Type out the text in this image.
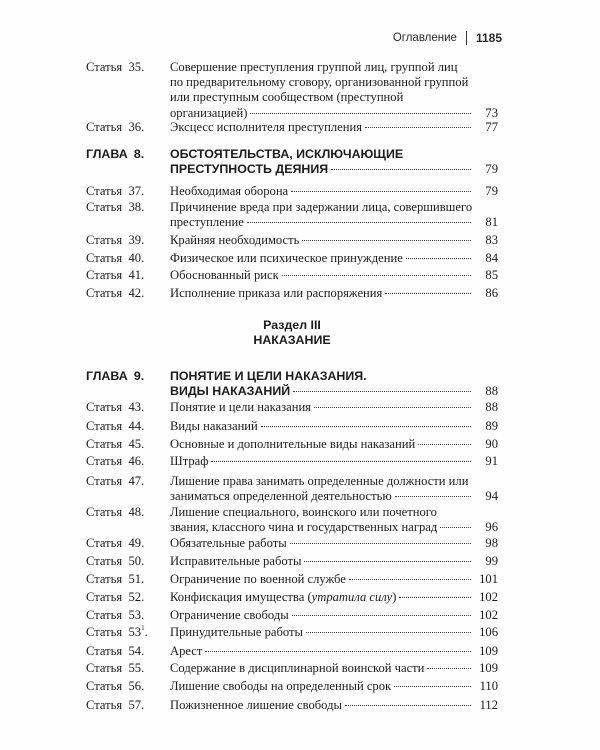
Оглавление 1185
Статья  35. Совершение преступления группой лиц, группой лиц
по предварительному сговору, организованной группой
или преступным сообществом (преступной
организацией)	73
Статья  36. Эксцесс исполнителя преступления	77
ГЛАВА  8. ОБСТОЯТЕЛЬСТВА, ИСКЛЮЧАЮЩИЕ
ПРЕСТУПНОСТЬ ДЕЯНИЯ	79
Статья  37. Необходимая оборона	79
Статья  38. Причинение вреда при задержании лица, совершившего
преступление	81
Статья  39. Крайняя необходимость	83
Статья  40. Физическое или психическое принуждение	84
Статья  41. Обоснованный риск	85
Статья  42. Исполнение приказа или распоряжения	86
ГЛАВА  9. ПОНЯТИЕ И ЦЕЛИ НАКАЗАНИЯ.
ВИДЫ НАКАЗАНИЙ	88
Статья  43. Понятие и цели наказания	88
Статья  44. Виды наказаний	89
Статья  45. Основные и дополнительные виды наказаний	90
Статья  46. Штраф	91
Статья  47. Лишение права занимать определенные должности или
заниматься определенной деятельностью	94
Статья  48. Лишение специального, воинского или почетного
звания, классного чина и государственных наград	96
Статья  49. Обязательные работы	98
Статья  50. Исправительные работы	99
Статья  51. Ограничение по военной службе	101
Статья  52. Конфискация имущества (утратила силу)	102
Статья  53. Ограничение свободы	102
Статья  $53^1$. Принудительные работы	106
Статья  54. Арест	109
Статья  55. Содержание в дисциплинарной воинской части	109
Статья  56. Лишение свободы на определенный срок	110
Статья  57. Пожизненное лишение свободы	112
Раздел III
НАКАЗАНИЕ
